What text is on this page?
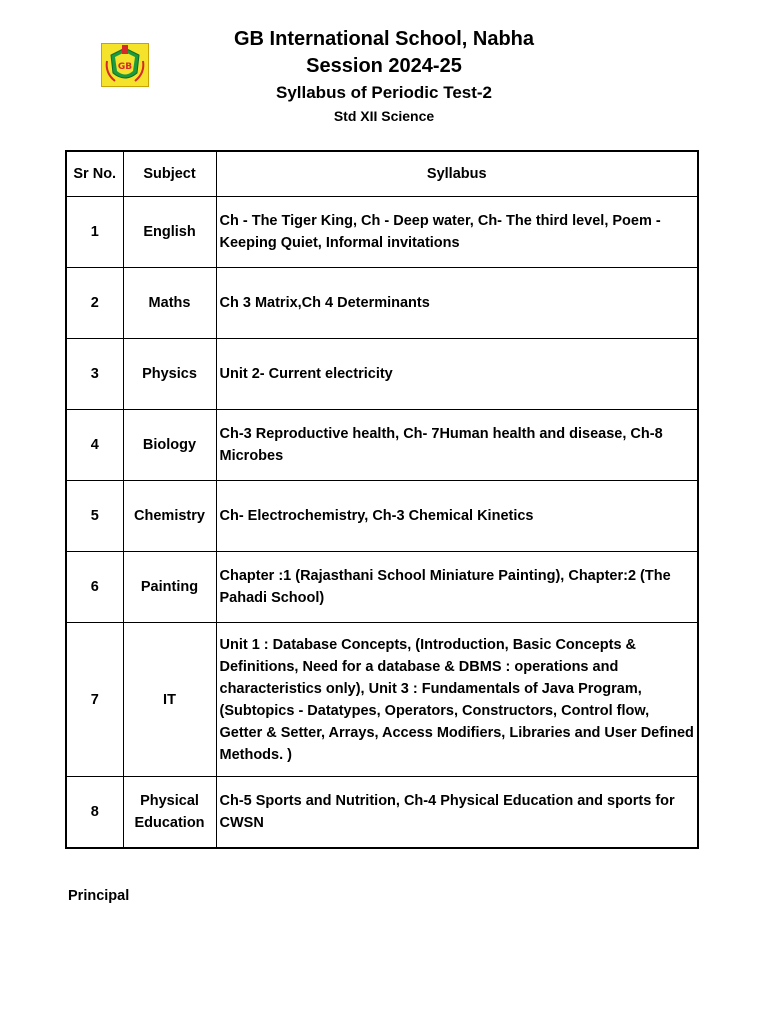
GB
GB International School, Nabha
Session 2024-25
Syllabus of Periodic Test-2
Std XII Science
Sr No.	Subject	Syllabus
1	English	Ch - The Tiger King, Ch - Deep water, Ch- The third level, Poem - Keeping Quiet, Informal invitations
2	Maths	Ch 3 Matrix,Ch 4 Determinants
3	Physics	Unit 2- Current electricity
4	Biology	Ch-3 Reproductive health, Ch- 7Human health and disease, Ch-8 Microbes
5	Chemistry	Ch- Electrochemistry, Ch-3 Chemical Kinetics
6	Painting	Chapter :1 (Rajasthani School Miniature Painting), Chapter:2 (The Pahadi School)
7	IT	Unit 1 : Database Concepts, (Introduction, Basic Concepts & Definitions, Need for a database & DBMS : operations and characteristics only), Unit 3 : Fundamentals of Java Program, (Subtopics - Datatypes, Operators, Constructors, Control flow, Getter & Setter, Arrays, Access Modifiers, Libraries and User Defined Methods. )
8	Physical Education	Ch-5 Sports and Nutrition, Ch-4 Physical Education and sports for CWSN
Principal
